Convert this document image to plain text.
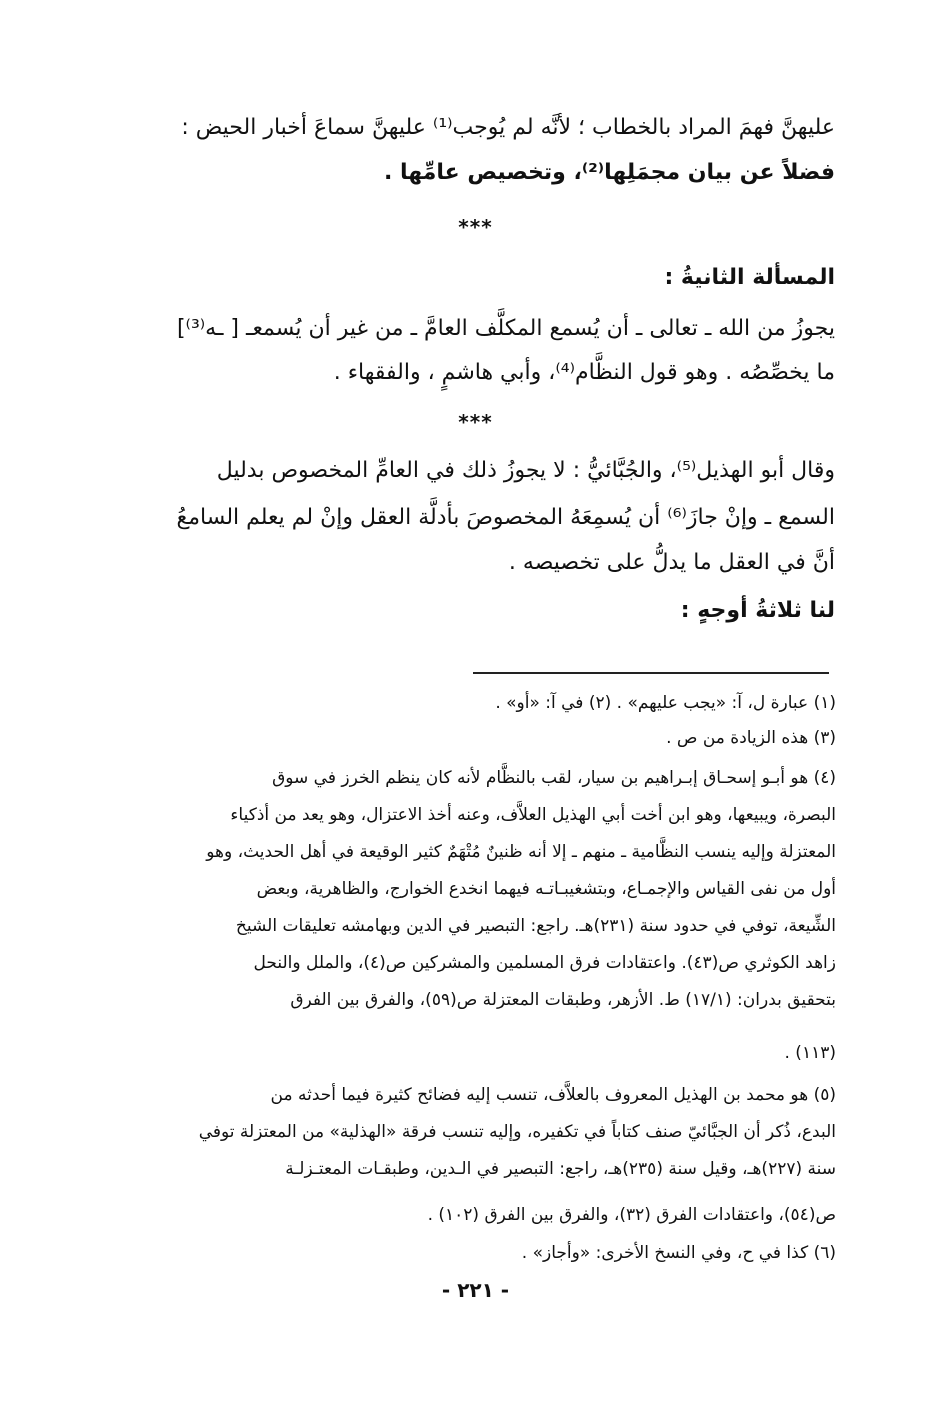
عليهنَّ فهمَ المراد بالخطاب ؛ لأنَّه لم يُوجب⁽¹⁾ عليهنَّ سماعَ أخبار الحيض :
فضلاً عن بيان مجمَلِها⁽²⁾، وتخصيص عامِّها .
المسألة الثانيةُ :
يجوزُ من الله ـ تعالى ـ أن يُسمع المكلَّف العامَّ ـ من غير أن يُسمعـ [ ـه⁽³⁾]
ما يخصِّصُه . وهو قول النظَّام⁽⁴⁾، وأبي هاشمٍ ، والفقهاء .
وقال أبو الهذيل⁽⁵⁾، والجُبَّائيُّ : لا يجوزُ ذلك في العامِّ المخصوص بدليل
السمع ـ وإنْ جازَ⁽⁶⁾ أن يُسمِعَهُ المخصوصَ بأدلَّة العقل وإنْ لم يعلم السامعُ
أنَّ في العقل ما يدلُّ على تخصيصه .
لنا ثلاثةُ أوجهٍ :
***
***
(١) عبارة ل، آ: «يجب عليهم» . (٢) في آ: «أو» .
(٣) هذه الزيادة من ص .
(٤) هو أبـو إسحـاق إبـراهيم بن سيار، لقب بالنظَّام لأنه كان ينظم الخرز في سوق
البصرة، ويبيعها، وهو ابن أخت أبي الهذيل العلاَّف، وعنه أخذ الاعتزال، وهو يعد من أذكياء
المعتزلة وإليه ينسب النظَّامية ـ منهم ـ إلا أنه ظنينٌ مُتْهَمٌ كثير الوقيعة في أهل الحديث، وهو
أول من نفى القياس والإجمـاع، وبتشغيبـاتـه فيهما انخدع الخوارج، والظاهرية، وبعض
الشِّيعة، توفي في حدود سنة (٢٣١)هـ. راجع: التبصير في الدين وبهامشه تعليقات الشيخ
زاهد الكوثري ص(٤٣). واعتقادات فرق المسلمين والمشركين ص(٤)، والملل والنحل
بتحقيق بدران: (١٧/١) ط. الأزهر، وطبقات المعتزلة ص(٥٩)، والفرق بين الفرق
(١١٣) .
(٥) هو محمد بن الهذيل المعروف بالعلاَّف، تنسب إليه فضائح كثيرة فيما أحدثه من
البدع، ذُكر أن الجبَّائيّ صنف كتاباً في تكفيره، وإليه تنسب فرقة «الهذلية» من المعتزلة توفي
سنة (٢٢٧)هـ، وقيل سنة (٢٣٥)هـ، راجع: التبصير في الـدين، وطبقـات المعتـزلـة
ص(٥٤)، واعتقادات الفرق (٣٢)، والفرق بين الفرق (١٠٢) .
(٦) كذا في ح، وفي النسخ الأخرى: «وأجاز» .
- ٢٢١ -
